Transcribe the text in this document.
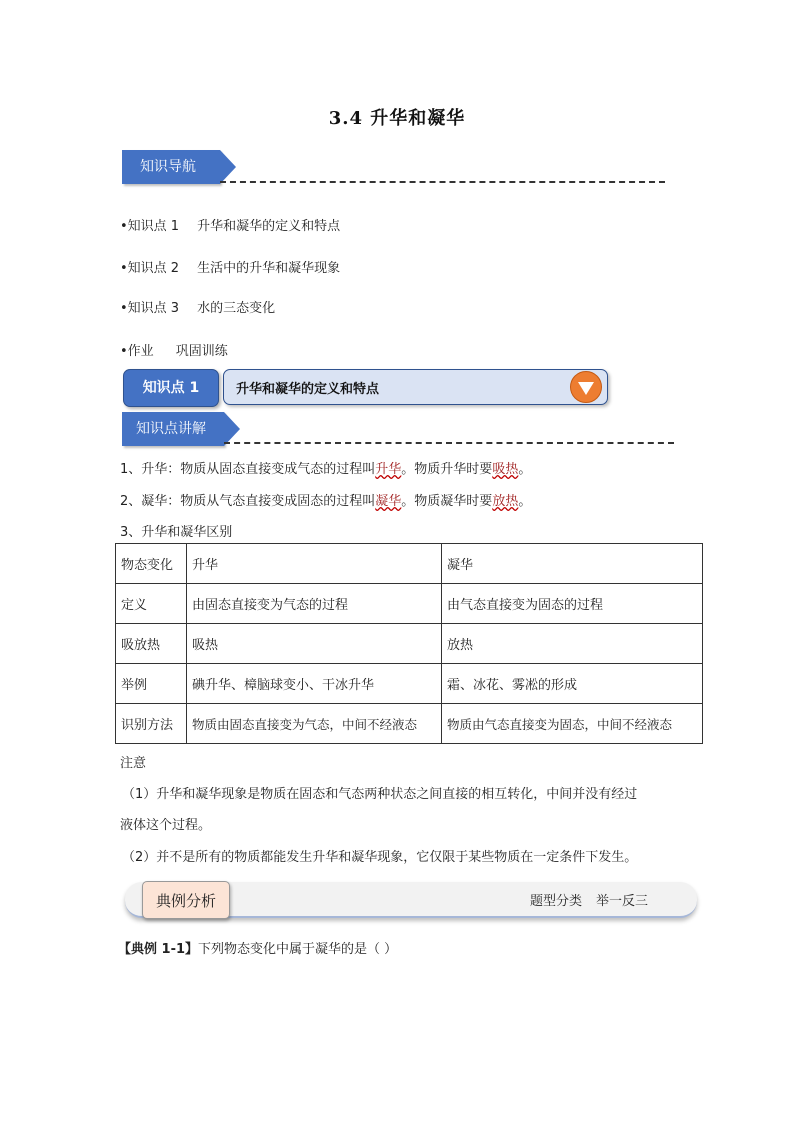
3.4 升华和凝华
知识导航
•知识点 1 升华和凝华的定义和特点
•知识点 2 生活中的升华和凝华现象
•知识点 3 水的三态变化
•作业 巩固训练
知识点 1	升华和凝华的定义和特点
知识点讲解
1、升华：物质从固态直接变成气态的过程叫升华。物质升华时要吸热。
2、凝华：物质从气态直接变成固态的过程叫凝华。物质凝华时要放热。
3、升华和凝华区别
物态变化	升华	凝华
定义	由固态直接变为气态的过程	由气态直接变为固态的过程
吸放热	吸热	放热
举例	碘升华、樟脑球变小、干冰升华	霜、冰花、雾凇的形成
识别方法	物质由固态直接变为气态，中间不经液态	物质由气态直接变为固态，中间不经液态
注意
（1）升华和凝华现象是物质在固态和气态两种状态之间直接的相互转化，中间并没有经过
液体这个过程。
（2）并不是所有的物质都能发生升华和凝华现象，它仅限于某些物质在一定条件下发生。
典例分析	题型分类 举一反三
【典例 1-1】下列物态变化中属于凝华的是（ ）
